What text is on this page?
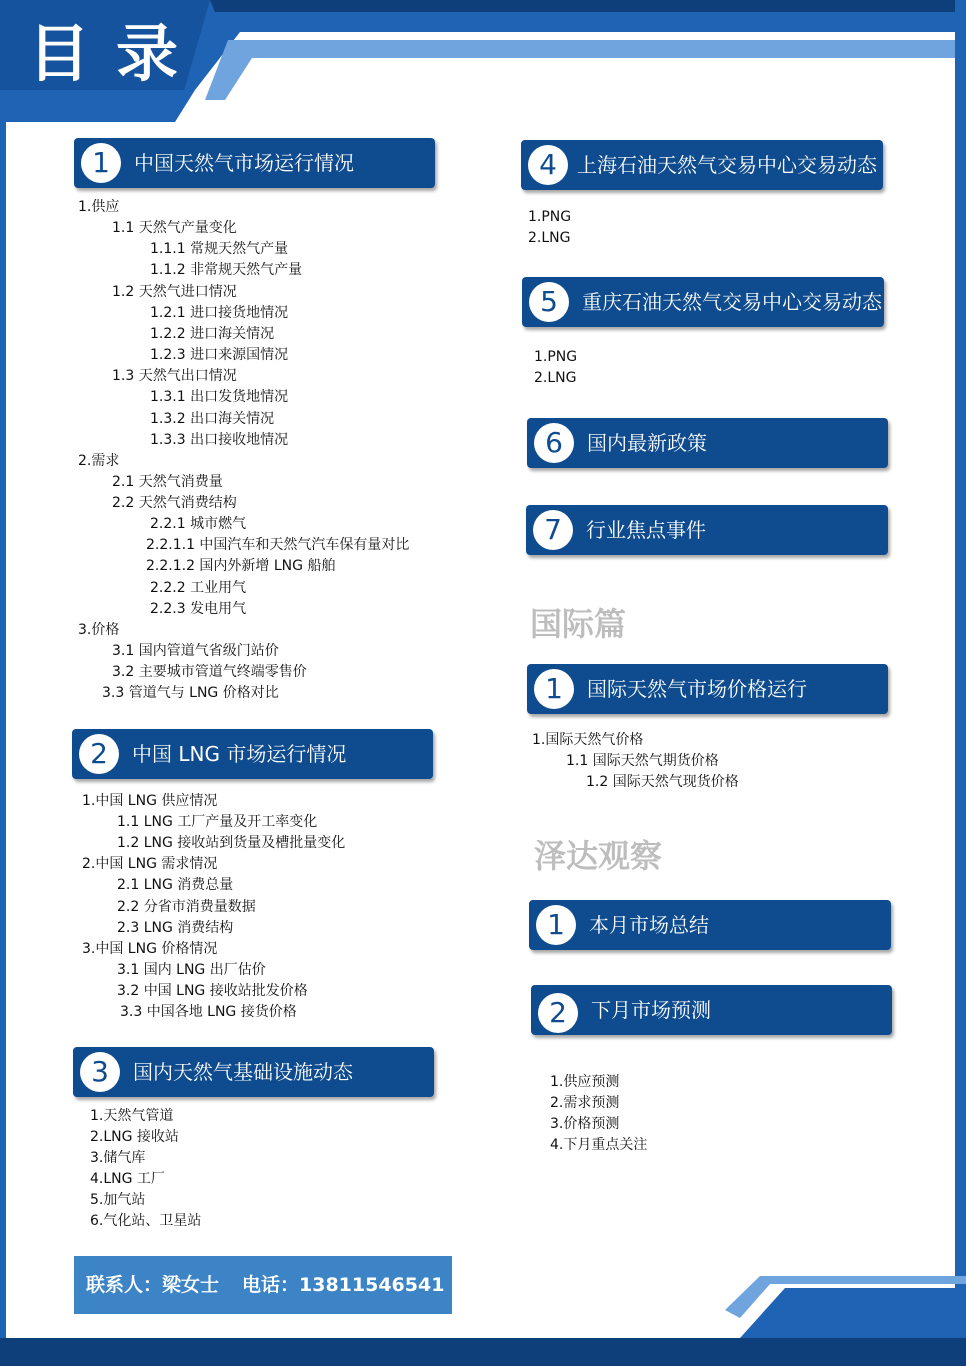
目录
1	中国天然气市场运行情况
2	中国 LNG 市场运行情况
3	国内天然气基础设施动态
4	上海石油天然气交易中心交易动态
5	重庆石油天然气交易中心交易动态
6	国内最新政策
7	行业焦点事件
1	国际天然气市场价格运行
1	本月市场总结
2	下月市场预测
国际篇
泽达观察
1.供应
1.1 天然气产量变化
1.1.1 常规天然气产量
1.1.2 非常规天然气产量
1.2 天然气进口情况
1.2.1 进口接货地情况
1.2.2 进口海关情况
1.2.3 进口来源国情况
1.3 天然气出口情况
1.3.1 出口发货地情况
1.3.2 出口海关情况
1.3.3 出口接收地情况
2.需求
2.1 天然气消费量
2.2 天然气消费结构
2.2.1 城市燃气
2.2.1.1 中国汽车和天然气汽车保有量对比
2.2.1.2 国内外新增 LNG 船舶
2.2.2 工业用气
2.2.3 发电用气
3.价格
3.1 国内管道气省级门站价
3.2 主要城市管道气终端零售价
3.3 管道气与 LNG 价格对比
1.中国 LNG 供应情况
1.1 LNG 工厂产量及开工率变化
1.2 LNG 接收站到货量及槽批量变化
2.中国 LNG 需求情况
2.1 LNG 消费总量
2.2 分省市消费量数据
2.3 LNG 消费结构
3.中国 LNG 价格情况
3.1 国内 LNG 出厂估价
3.2 中国 LNG 接收站批发价格
3.3 中国各地 LNG 接货价格
1.天然气管道
2.LNG 接收站
3.储气库
4.LNG 工厂
5.加气站
6.气化站、卫星站
1.PNG
2.LNG
1.PNG
2.LNG
1.国际天然气价格
1.1 国际天然气期货价格
1.2 国际天然气现货价格
1.供应预测
2.需求预测
3.价格预测
4.下月重点关注
联系人：梁女士 电话：13811546541
